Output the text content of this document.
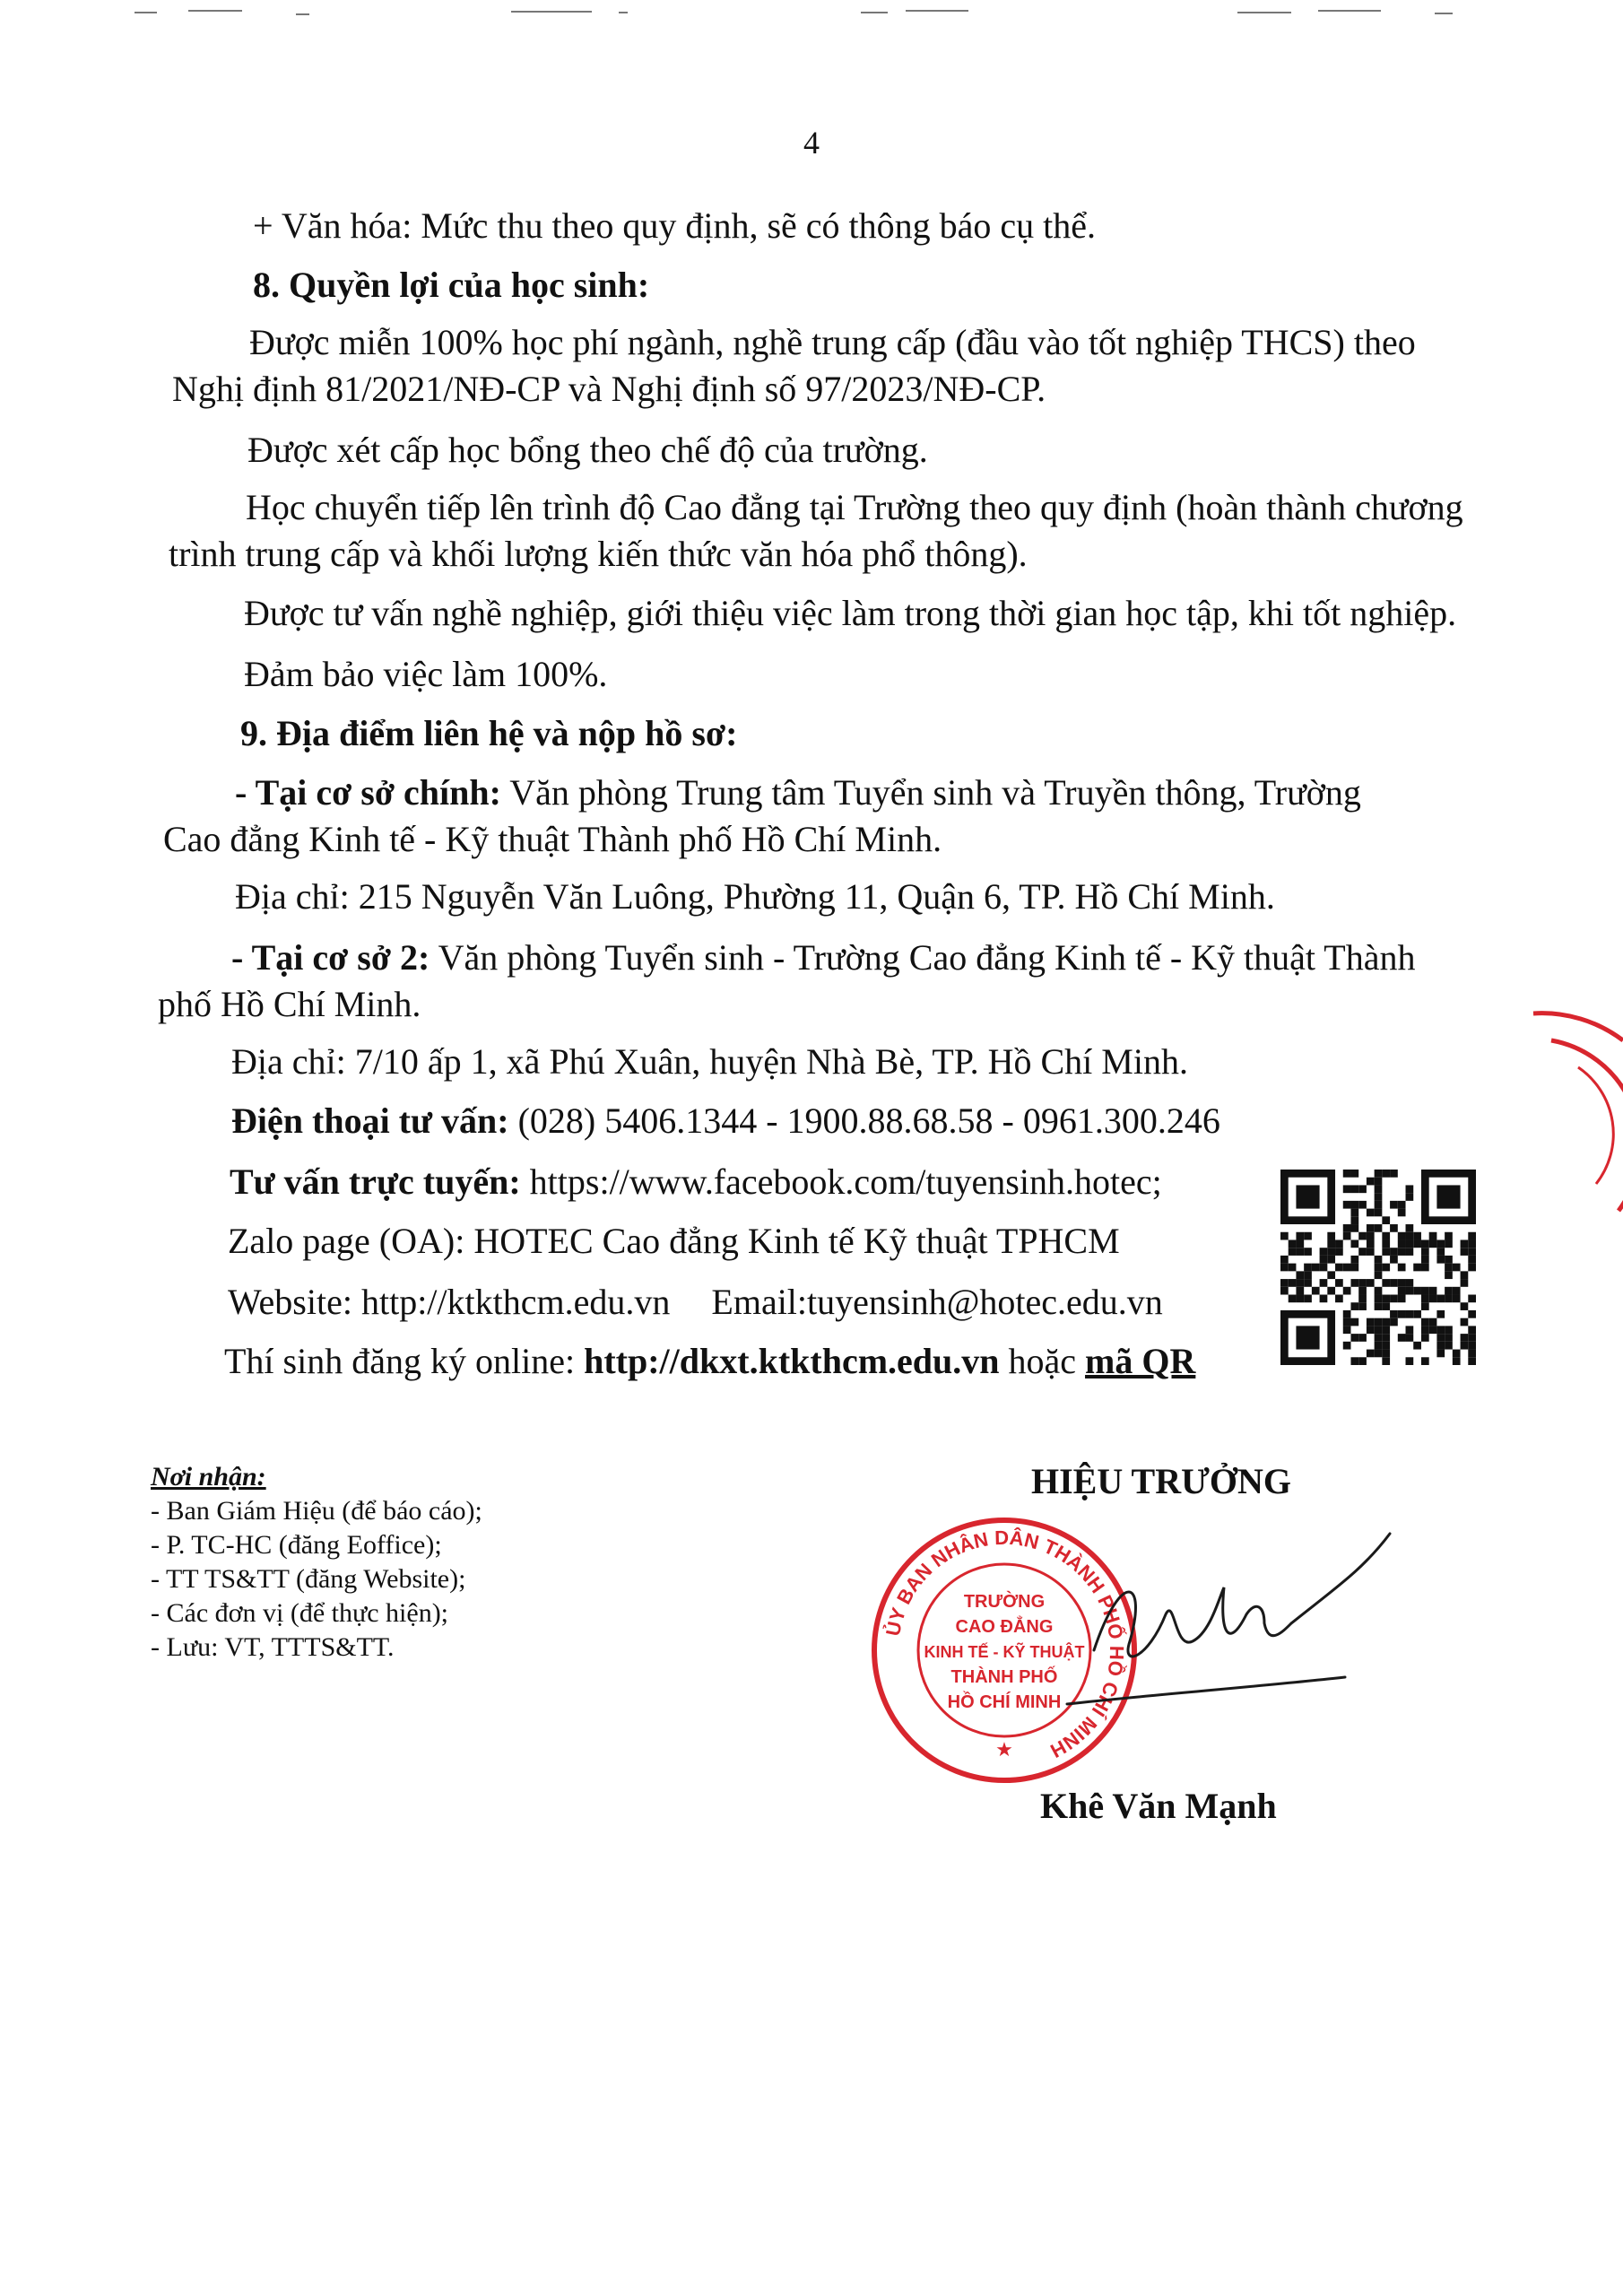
4
+ Văn hóa: Mức thu theo quy định, sẽ có thông báo cụ thể.
8. Quyền lợi của học sinh:
Được miễn 100% học phí ngành, nghề trung cấp (đầu vào tốt nghiệp THCS) theo
Nghị định 81/2021/NĐ-CP và Nghị định số 97/2023/NĐ-CP.
Được xét cấp học bổng theo chế độ của trường.
Học chuyển tiếp lên trình độ Cao đẳng tại Trường theo quy định (hoàn thành chương
trình trung cấp và khối lượng kiến thức văn hóa phổ thông).
Được tư vấn nghề nghiệp, giới thiệu việc làm trong thời gian học tập, khi tốt nghiệp.
Đảm bảo việc làm 100%.
9. Địa điểm liên hệ và nộp hồ sơ:
- Tại cơ sở chính: Văn phòng Trung tâm Tuyển sinh và Truyền thông, Trường
Cao đẳng Kinh tế - Kỹ thuật Thành phố Hồ Chí Minh.
Địa chỉ: 215 Nguyễn Văn Luông, Phường 11, Quận 6, TP. Hồ Chí Minh.
- Tại cơ sở 2: Văn phòng Tuyển sinh - Trường Cao đẳng Kinh tế - Kỹ thuật Thành
phố Hồ Chí Minh.
Địa chỉ: 7/10 ấp 1, xã Phú Xuân, huyện Nhà Bè, TP. Hồ Chí Minh.
Điện thoại tư vấn: (028) 5406.1344 - 1900.88.68.58 - 0961.300.246
Tư vấn trực tuyến: https://www.facebook.com/tuyensinh.hotec;
Zalo page (OA): HOTEC Cao đẳng Kinh tế Kỹ thuật TPHCM
Website: http://ktkthcm.edu.vn Email:tuyensinh@hotec.edu.vn
Thí sinh đăng ký online: http://dkxt.ktkthcm.edu.vn hoặc mã QR
Nơi nhận:
- Ban Giám Hiệu (để báo cáo);
- P. TC-HC (đăng Eoffice);
- TT TS&TT (đăng Website);
- Các đơn vị (để thực hiện);
- Lưu: VT, TTTS&TT.
HIỆU TRƯỞNG
ỦY BAN NHÂN DÂN THÀNH PHỐ HỒ CHÍ MINH
TRƯỜNG
CAO ĐẲNG
KINH TẾ - KỸ THUẬT
THÀNH PHỐ
HỒ CHÍ MINH
★
Khê Văn Mạnh
